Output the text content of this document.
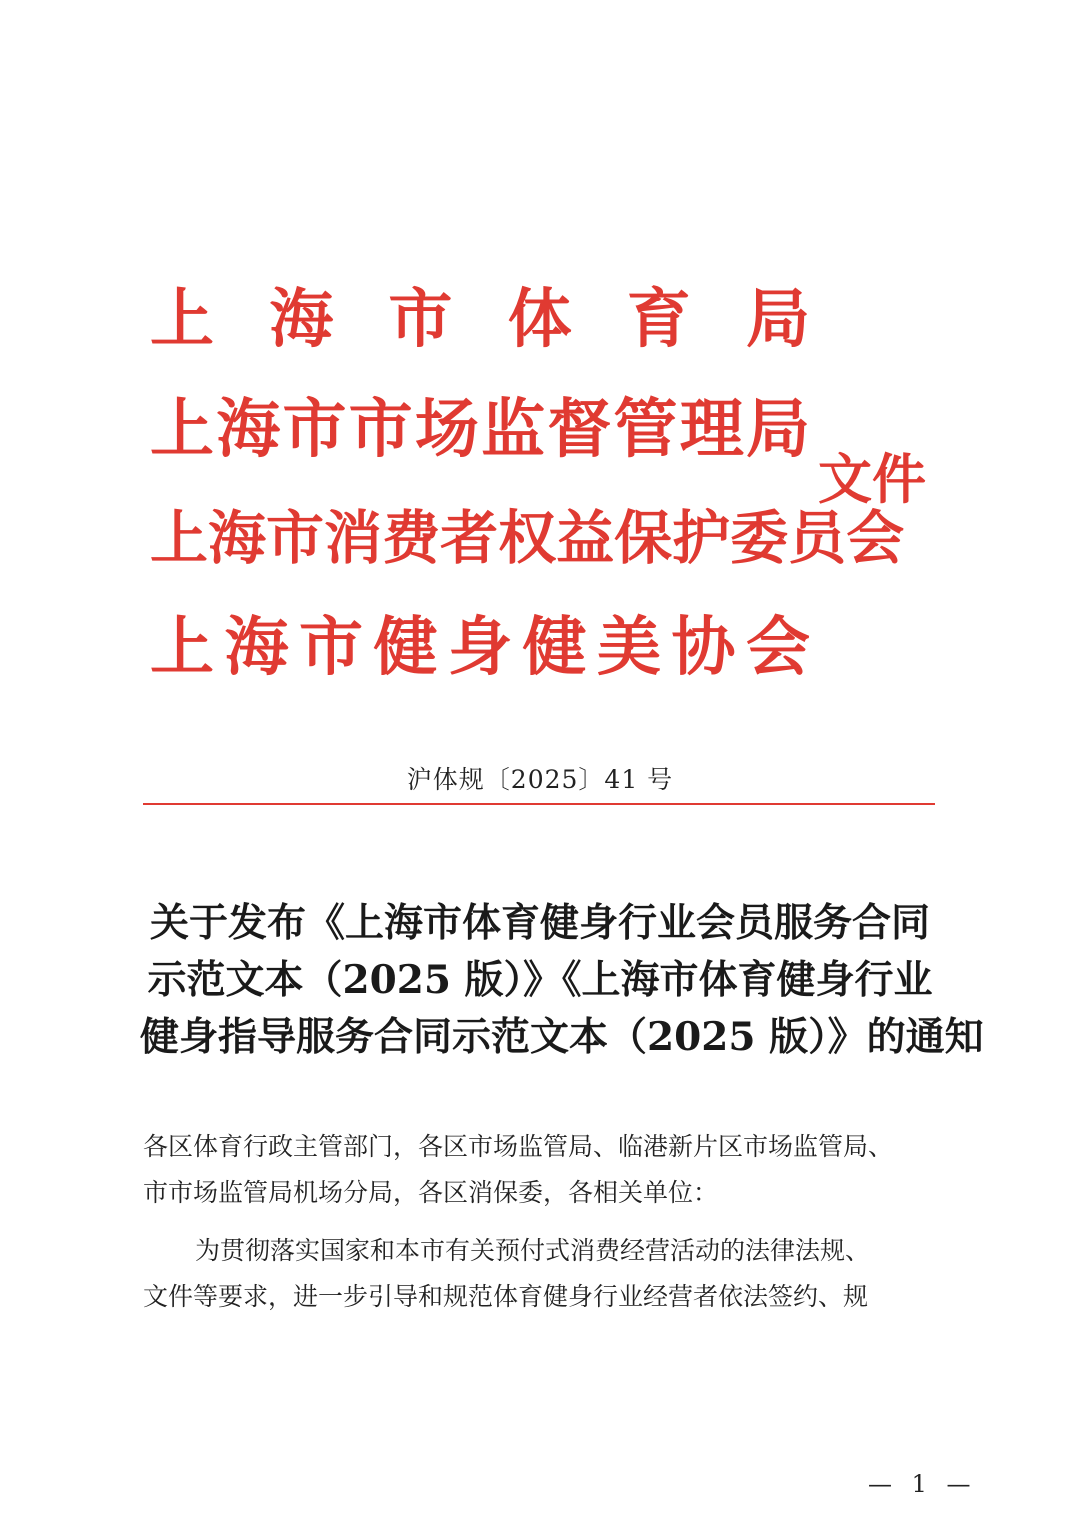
上 海 市 体 育 局
上 海 市 市 场 监 督 管 理 局
上 海 市 消 费 者 权 益 保 护 委 员 会
上 海 市 健 身 健 美 协 会
文件
沪体规〔2025〕41 号
关于发布《上海市体育健身行业会员服务合同
示范文本（2025 版）》《上海市体育健身行业
健身指导服务合同示范文本（2025 版）》的通知
各区体育行政主管部门，各区市场监管局、临港新片区市场监管局、
市市场监管局机场分局，各区消保委，各相关单位：
为贯彻落实国家和本市有关预付式消费经营活动的法律法规、
文件等要求，进一步引导和规范体育健身行业经营者依法签约、规
— 1 —
